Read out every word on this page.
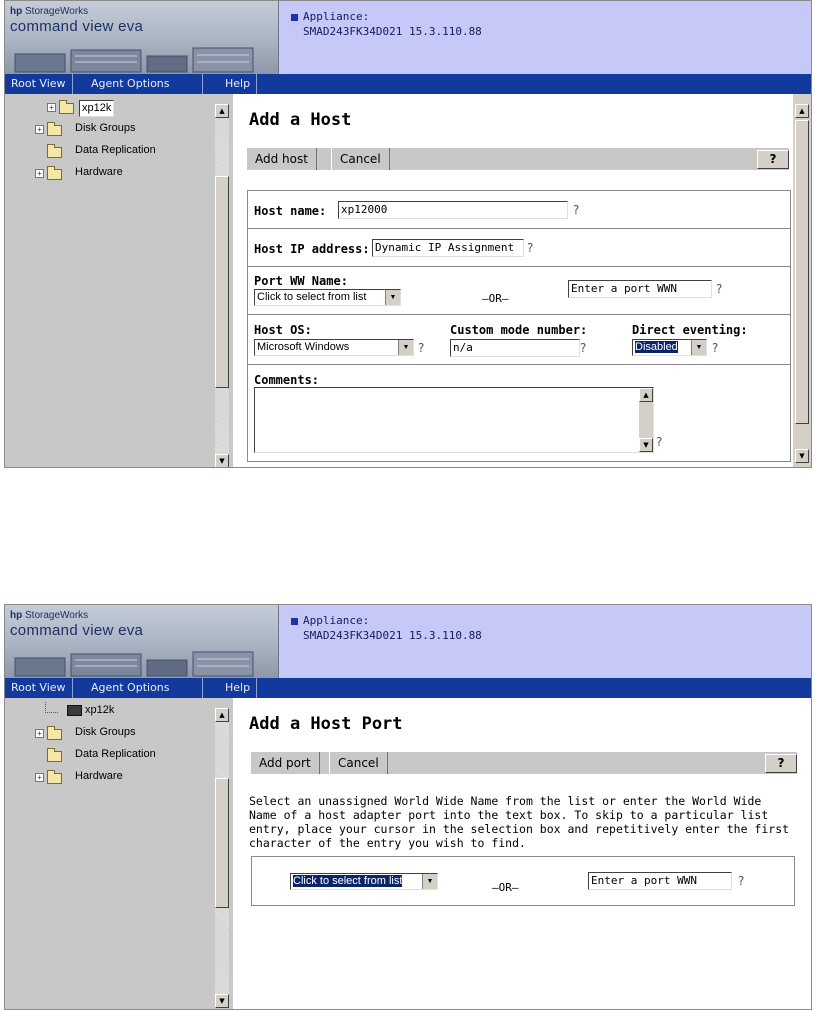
hp StorageWorks
command view eva
Appliance:
SMAD243FK34D021 15.3.110.88
Root View	Agent Options	Help
+	xp12k
+	Disk Groups
Data Replication
+	Hardware
▲
▼
Add a Host
Add host	Cancel	?
Host name: xp12000	?
Host IP address: Dynamic IP Assignment	?
Port WW Name:
Click to select from list	▼	—OR—
Enter a port WWN	?
Host OS:
Microsoft Windows	▼ ?
Custom mode number:
n/a	?
Direct eventing:
Disabled	▼ ?
Comments:
▲
▼ ?
▲
▼
hp StorageWorks
command view eva
Appliance:
SMAD243FK34D021 15.3.110.88
Root View	Agent Options	Help
xp12k
+	Disk Groups
Data Replication
+	Hardware
▲
▼
Add a Host Port
Add port	Cancel	?
Select an unassigned World Wide Name from the list or enter the World Wide Name of a host adapter port into the text box. To skip to a particular list entry, place your cursor in the selection box and repetitively enter the first character of the entry you wish to find.
Click to select from list	▼	—OR—
Enter a port WWN	?
